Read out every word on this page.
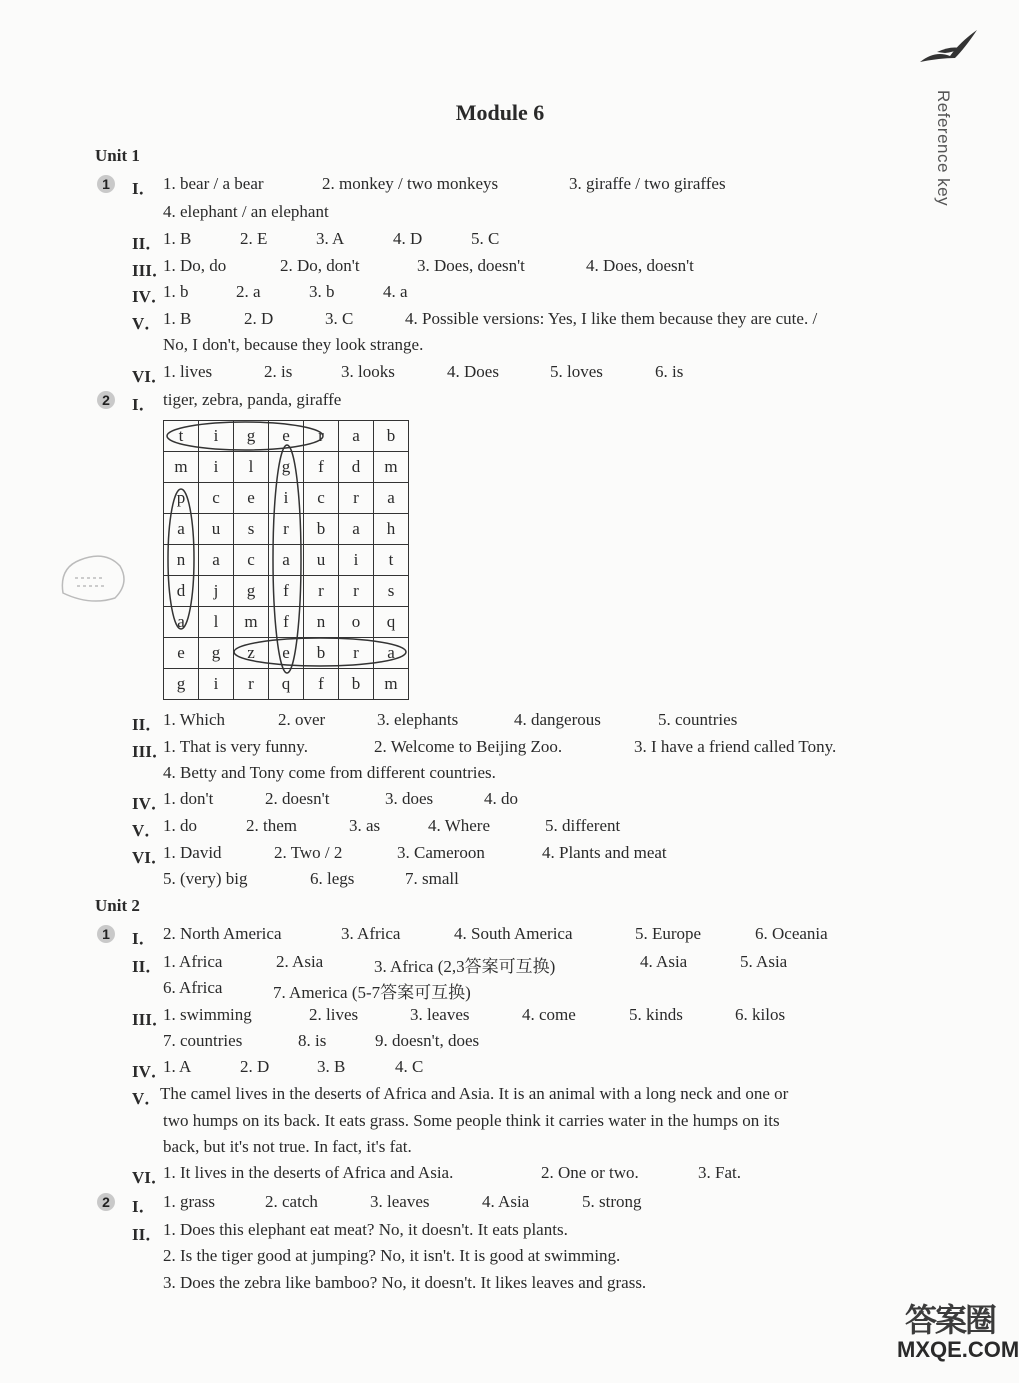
Module 6	Reference key
Unit 1
1	I． 1. bear / a bear	2. monkey / two monkeys	3. giraffe / two giraffes
4. elephant / an elephant
II． 1. B	2. E	3. A	4. D	5. C
III．
1. Do, do	2. Do, don't	3. Does, doesn't	4. Does, doesn't
IV．
1. b	2. a	3. b	4. a
V． 1. B	2. D	3. C	4. Possible versions: Yes, I like them because they are cute. /
No, I don't, because they look strange.
VI．
1. lives	2. is	3. looks	4. Does	5. loves	6. is
2	I． tiger, zebra, panda, giraffe
t	i	g	e	r	a	b
m	i	l	g	f	d	m
p	c	e	i	c	r	a
a	u	s	r	b	a	h
n	a	c	a	u	i	t
d	j	g	f	r	r	s
a	l	m	f	n	o	q
e	g	z	e	b	r	a
g	i	r	q	f	b	m
II． 1. Which	2. over	3. elephants	4. dangerous	5. countries
III．
1. That is very funny.	2. Welcome to Beijing Zoo.	3. I have a friend called Tony.
4. Betty and Tony come from different countries.
IV．
1. don't	2. doesn't	3. does	4. do
V． 1. do	2. them	3. as	4. Where	5. different
VI．
1. David	2. Two / 2	3. Cameroon	4. Plants and meat
5. (very) big	6. legs	7. small
Unit 2
1	I． 2. North America	3. Africa	4. South America	5. Europe	6. Oceania
II． 1. Africa	2. Asia	3. Africa (2,3答案可互换)	4. Asia	5. Asia
6. Africa	7. America (5-7答案可互换)
III．
1. swimming	2. lives	3. leaves	4. come	5. kinds	6. kilos
7. countries	8. is	9. doesn't, does
IV．
1. A	2. D	3. B	4. C
V．
The camel lives in the deserts of Africa and Asia. It is an animal with a long neck and one or
two humps on its back. It eats grass. Some people think it carries water in the humps on its
back, but it's not true. In fact, it's fat.
VI．
1. It lives in the deserts of Africa and Asia.	2. One or two.	3. Fat.
2	I． 1. grass	2. catch	3. leaves	4. Asia	5. strong
II． 1. Does this elephant eat meat? No, it doesn't. It eats plants.
2. Is the tiger good at jumping? No, it isn't. It is good at swimming.
3. Does the zebra like bamboo? No, it doesn't. It likes leaves and grass.
答案圈
MXQE.COM
